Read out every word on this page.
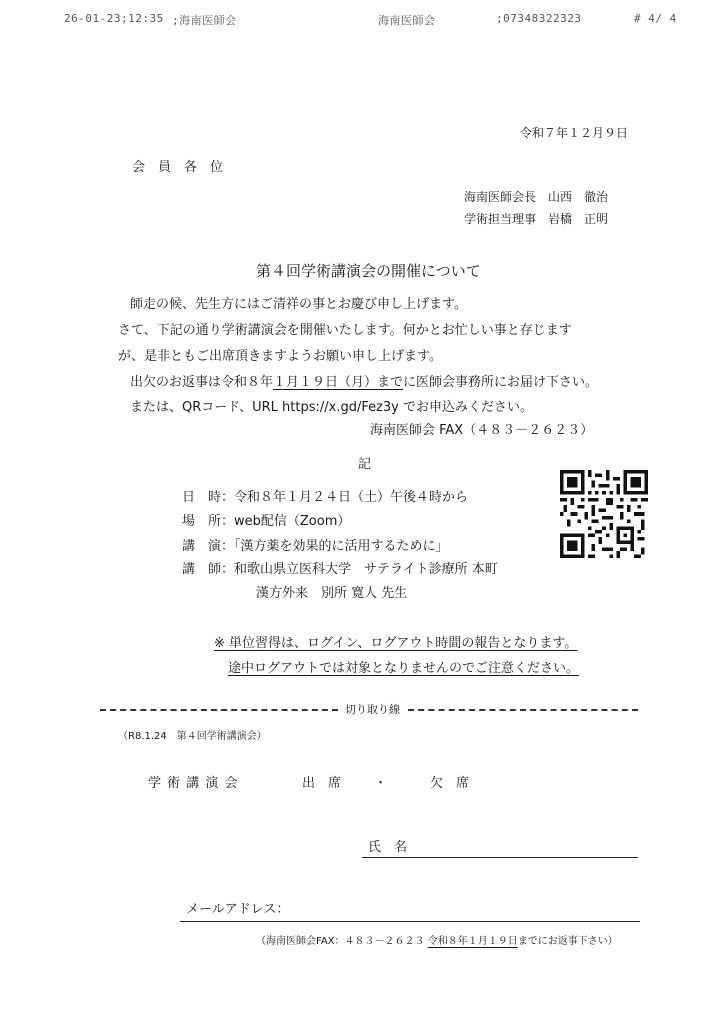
26-01-23;12:35 ;海南医師会	海南医師会	;07348322323	# 4/ 4
令和７年１２月９日
会　員　各　位
海南医師会長　山西　徹治
学術担当理事　岩橋　正明
第４回学術講演会の開催について
師走の候、先生方にはご清祥の事とお慶び申し上げます。
さて、下記の通り学術講演会を開催いたします。何かとお忙しい事と存じます
が、是非ともご出席頂きますようお願い申し上げます。
出欠のお返事は令和８年１月１９日（月）までに医師会事務所にお届け下さい。
または、QRコード、URL https://x.gd/Fez3y でお申込みください。
海南医師会 FAX（４８３－２６２３）
記
日　時：令和８年１月２４日（土）午後４時から
場　所：web配信（Zoom）
講　演：「漢方薬を効果的に活用するために」
講　師：和歌山県立医科大学　サテライト診療所 本町
漢方外来　別所 寛人 先生
※ 単位習得は、ログイン、ログアウト時間の報告となります。
途中ログアウトでは対象となりませんのでご注意ください。
切り取り線
（R8.1.24　第４回学術講演会）
学 術 講 演 会	出　席	・	欠　席
氏　名
メールアドレス：
（海南医師会FAX：４８３－２６２３ 令和８年１月１９日までにお返事下さい）
